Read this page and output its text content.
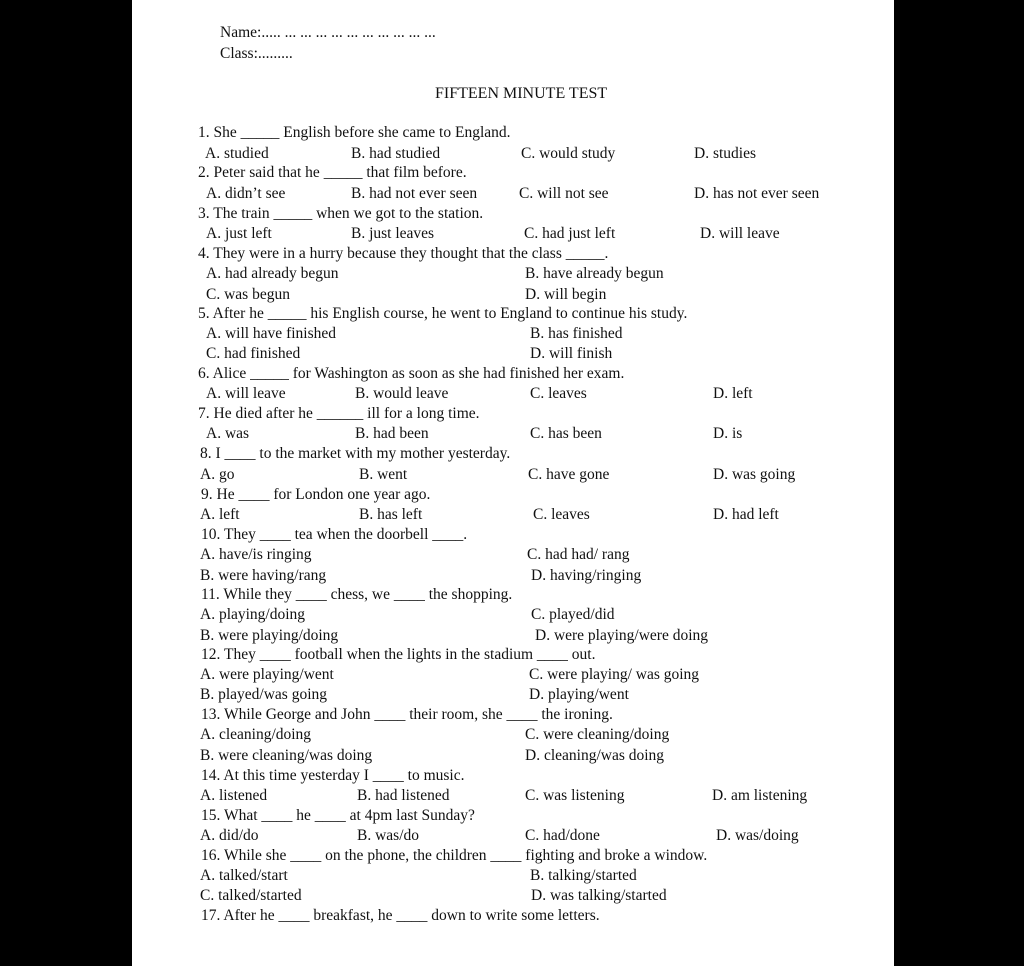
Name:..... ... ... ... ... ... ... ... ... ... ...
Class:.........
FIFTEEN MINUTE TEST
1. She _____ English before she came to England.
A. studied	B. had studied	C. would study	D. studies
2. Peter said that he _____ that film before.
A. didn’t see	B. had not ever seen	C. will not see	D. has not ever seen
3. The train _____ when we got to the station.
A. just left	B. just leaves	C. had just left	D. will leave
4. They were in a hurry because they thought that the class _____.
A. had already begun	B. have already begun
C. was begun	D. will begin
5. After he _____ his English course, he went to England to continue his study.
A. will have finished	B. has finished
C. had finished	D. will finish
6. Alice _____ for Washington as soon as she had finished her exam.
A. will leave	B. would leave	C. leaves	D. left
7. He died after he ______ ill for a long time.
A. was	B. had been	C. has been	D. is
8. I ____ to the market with my mother yesterday.
A. go	B. went	C. have gone	D. was going
9. He ____ for London one year ago.
A. left	B. has left	C. leaves	D. had left
10. They ____ tea when the doorbell ____.
A. have/is ringing	C. had had/ rang
B. were having/rang	D. having/ringing
11. While they ____ chess, we ____ the shopping.
A. playing/doing	C. played/did
B. were playing/doing	D. were playing/were doing
12. They ____ football when the lights in the stadium ____ out.
A. were playing/went	C. were playing/ was going
B. played/was going	D. playing/went
13. While George and John ____ their room, she ____ the ironing.
A. cleaning/doing	C. were cleaning/doing
B. were cleaning/was doing	D. cleaning/was doing
14. At this time yesterday I ____ to music.
A. listened	B. had listened	C. was listening	D. am listening
15. What ____ he ____ at 4pm last Sunday?
A. did/do	B. was/do	C. had/done	D. was/doing
16. While she ____ on the phone, the children ____ fighting and broke a window.
A. talked/start	B. talking/started
C. talked/started	D. was talking/started
17. After he ____ breakfast, he ____ down to write some letters.
